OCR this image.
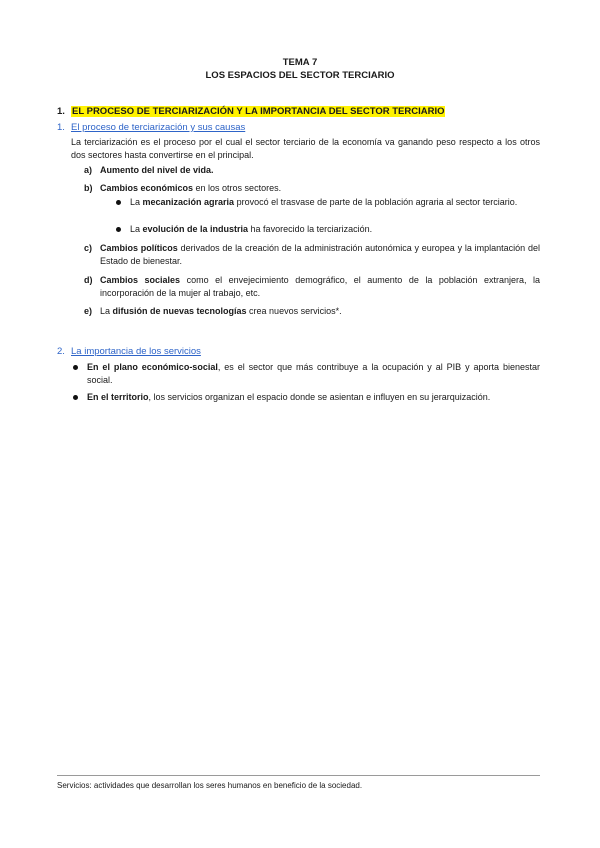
TEMA 7
LOS ESPACIOS DEL SECTOR TERCIARIO
1. EL PROCESO DE TERCIARIZACIÓN Y LA IMPORTANCIA DEL SECTOR TERCIARIO
1. El proceso de terciarización y sus causas
La terciarización es el proceso por el cual el sector terciario de la economía va ganando peso respecto a los otros dos sectores hasta convertirse en el principal.
a) Aumento del nivel de vida.
b) Cambios económicos en los otros sectores.
La mecanización agraria provocó el trasvase de parte de la población agraria al sector terciario.
La evolución de la industria ha favorecido la terciarización.
c) Cambios políticos derivados de la creación de la administración autonómica y europea y la implantación del Estado de bienestar.
d) Cambios sociales como el envejecimiento demográfico, el aumento de la población extranjera, la incorporación de la mujer al trabajo, etc.
e) La difusión de nuevas tecnologías crea nuevos servicios*.
2. La importancia de los servicios
En el plano económico-social, es el sector que más contribuye a la ocupación y al PIB y aporta bienestar social.
En el territorio, los servicios organizan el espacio donde se asientan e influyen en su jerarquización.
Servicios: actividades que desarrollan los seres humanos en beneficio de la sociedad.
